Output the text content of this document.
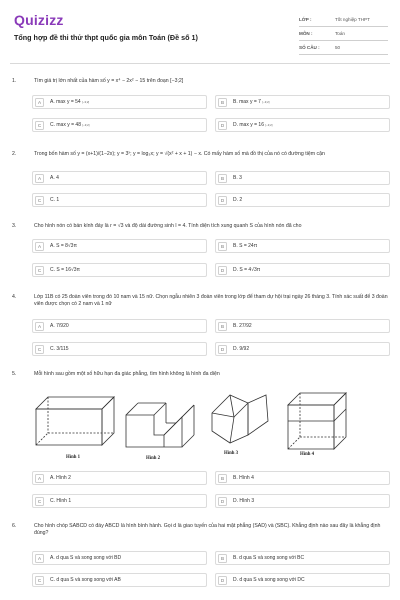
Quizizz
Tổng hợp đề thi thử thpt quốc gia môn Toán (Đề số 1)
LỚP :	Tốt nghiệp THPT
MÔN :	Toán
SỐ CÂU :	50
1.	Tìm giá trị lớn nhất của hàm số y = x⁴ − 2x² − 15 trên đoạn [−3;2]
A	A. max y = 54 [−3;2]	B	B. max y = 7 [−3;2]
C	C. max y = 48 [−3;2]	D	D. max y = 16 [−3;2]
2.	Trong bốn hàm số y = (x+1)/(1−2x); y = 3ˣ; y = log₃x; y = √(x² + x + 1) − x. Có mấy hàm số mà đồ thị của nó có đường tiệm cận
A	A. 4	B	B. 3
C	C. 1	D	D. 2
3.	Cho hình nón có bán kính đáy là r = √3 và độ dài đường sinh l = 4. Tính diện tích xung quanh S của hình nón đã cho
A	A. S = 8√3π	B	B. S = 24π
C	C. S = 16√3π	D	D. S = 4√3π
4.	Lớp 11B có 25 đoàn viên trong đó 10 nam và 15 nữ. Chọn ngẫu nhiên 3 đoàn viên trong lớp để tham dự hội trại ngày 26 tháng 3. Tính xác suất để 3 đoàn viên được chọn có 2 nam và 1 nữ
A	A. 7/920	B	B. 27/92
C	C. 3/115	D	D. 9/92
5.	Mỗi hình sau gồm một số hữu hạn đa giác phẳng, tìm hình không là hình đa diện
Hình 1	Hình 2
Hình 3	Hình 4
A	A. Hình 2	B	B. Hình 4
C	C. Hình 1	D	D. Hình 3
6.	Cho hình chóp SABCD có đáy ABCD là hình bình hành. Gọi d là giao tuyến của hai mặt phẳng (SAD) và (SBC). Khẳng định nào sau đây là khẳng định đúng?
A	A. d qua S và song song với BD	B	B. d qua S và song song với BC
C	C. d qua S và song song với AB	D	D. d qua S và song song với DC
